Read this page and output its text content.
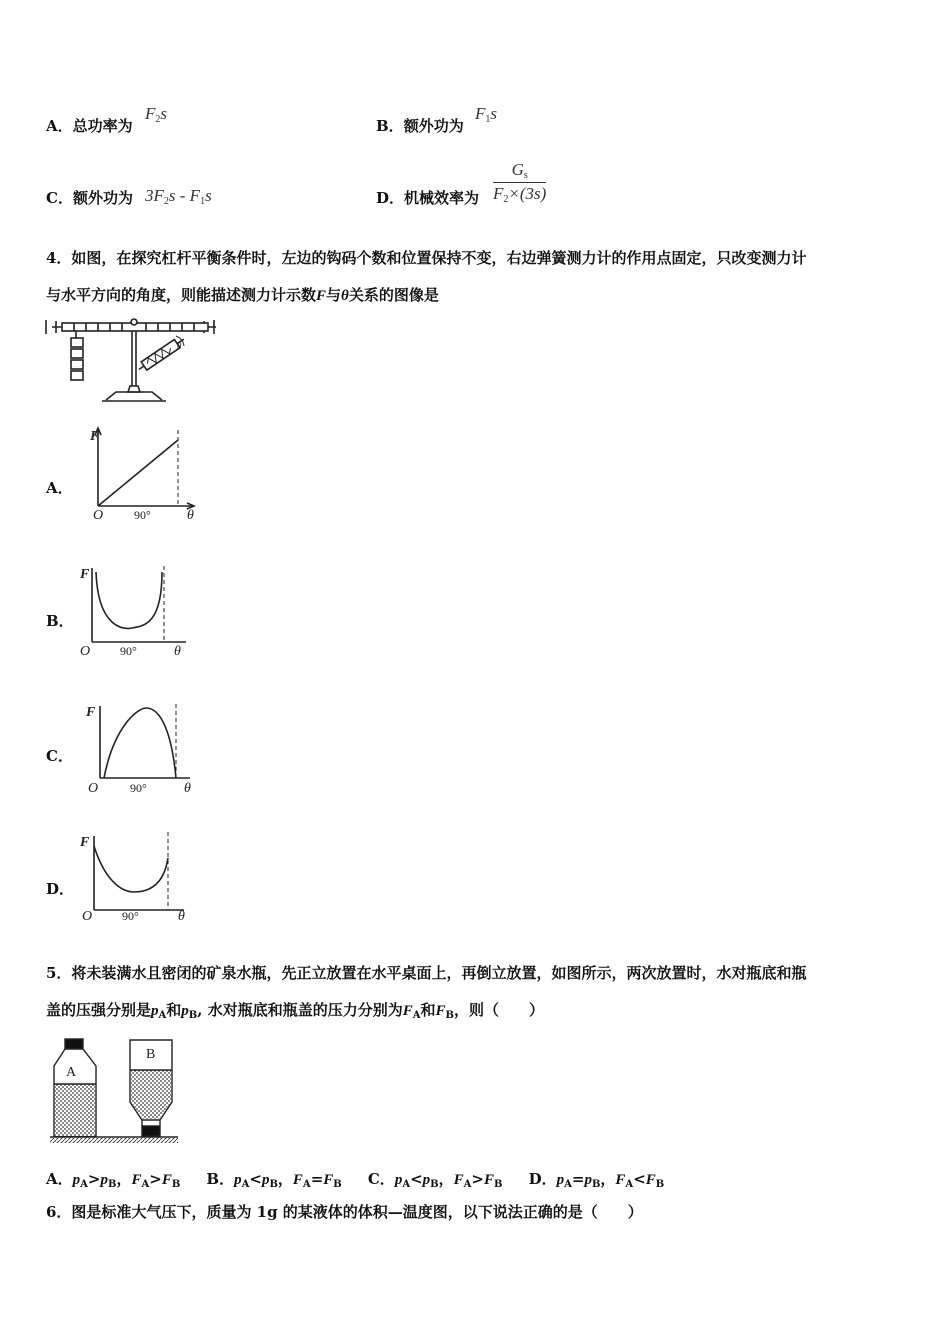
A．总功率为
$F_2s$
B．额外功为
$F_1s$
C．额外功为 $3F_2s - F_1s$	D．机械效率为 $\frac{G_s}{F_2\times(3s)}$
4．如图，在探究杠杆平衡条件时，左边的钩码个数和位置保持不变，右边弹簧测力计的作用点固定，只改变测力计
与水平方向的角度，则能描述测力计示数F与θ关系的图像是
θ
A．
F
O	90°	θ
B．
F
O 90°	θ
C．
F
O	90°	θ
D．
F
O 90°	θ
5．将未装满水且密闭的矿泉水瓶，先正立放置在水平桌面上，再倒立放置，如图所示，两次放置时，水对瓶底和瓶
盖的压强分别是$p_A$和$p_B$, 水对瓶底和瓶盖的压力分别为$F_A$和$F_B$，则（　　）
A
B
A．$p_A>p_B$，$F_A>F_B$ B．$p_A<p_B$，$F_A=F_B$ C．$p_A<p_B$，$F_A>F_B$ D．$p_A=p_B$，$F_A<F_B$
6．图是标准大气压下，质量为 1g 的某液体的体积—温度图，以下说法正确的是（　　）
